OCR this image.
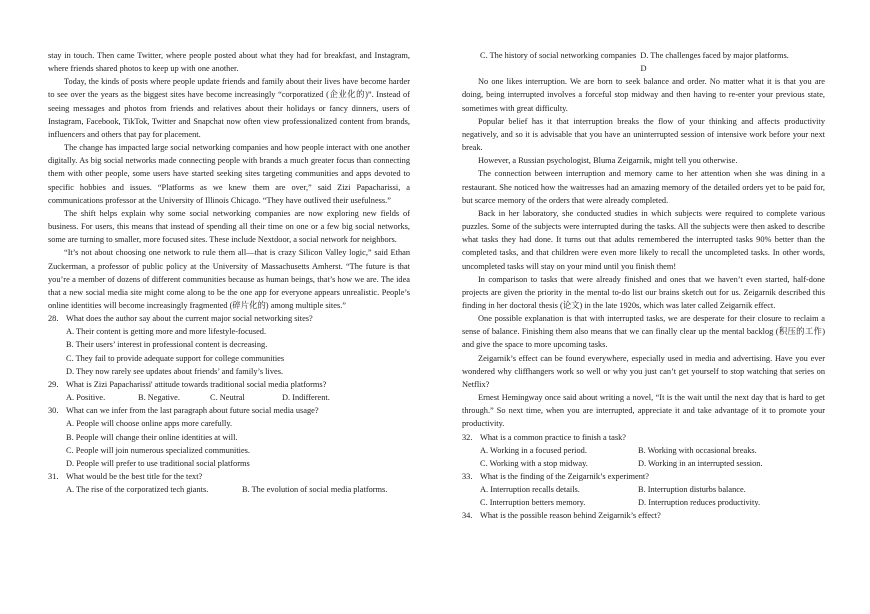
stay in touch. Then came Twitter, where people posted about what they had for breakfast, and Instagram, where friends shared photos to keep up with one another.

Today, the kinds of posts where people update friends and family about their lives have become harder to see over the years as the biggest sites have become increasingly “corporatized (企业化的)”. Instead of seeing messages and photos from friends and relatives about their holidays or fancy dinners, users of Instagram, Facebook, TikTok, Twitter and Snapchat now often view professionalized content from brands, influencers and others that pay for placement.

The change has impacted large social networking companies and how people interact with one another digitally. As big social networks made connecting people with brands a much greater focus than connecting them with other people, some users have started seeking sites targeting communities and apps devoted to specific hobbies and issues. “Platforms as we knew them are over,” said Zizi Papacharissi, a communications professor at the University of Illinois Chicago. “They have outlived their usefulness.”

The shift helps explain why some social networking companies are now exploring new fields of business. For users, this means that instead of spending all their time on one or a few big social networks, some are turning to smaller, more focused sites. These include Nextdoor, a social network for neighbors.

“It’s not about choosing one network to rule them all—that is crazy Silicon Valley logic,” said Ethan Zuckerman, a professor of public policy at the University of Massachusetts Amherst. “The future is that you’re a member of dozens of different communities because as human beings, that’s how we are. The idea that a new social media site might come along to be the one app for everyone appears unrealistic. People’s online identities will become increasingly fragmented (碎片化的) among multiple sites.”

28. What does the author say about the current major social networking sites?
A. Their content is getting more and more lifestyle-focused.
B. Their users’ interest in professional content is decreasing.
C. They fail to provide adequate support for college communities
D. They now rarely see updates about friends’ and family’s lives.
29. What is Zizi Papacharissi' attitude towards traditional social media platforms?
A. Positive.	B. Negative.	C. Neutral	D. Indifferent.
30. What can we infer from the last paragraph about future social media usage?
A. People will choose online apps more carefully.
B. People will change their online identities at will.
C. People will join numerous specialized communities.
D. People will prefer to use traditional social platforms
31. What would be the best title for the text?
A. The rise of the corporatized tech giants.	B. The evolution of social media platforms.
C. The history of social networking companies D. The challenges faced by major platforms.
D

No one likes interruption. We are born to seek balance and order. No matter what it is that you are doing, being interrupted involves a forceful stop midway and then having to re-enter your previous state, sometimes with great difficulty.

Popular belief has it that interruption breaks the flow of your thinking and affects productivity negatively, and so it is advisable that you have an uninterrupted session of intensive work before your next break.

However, a Russian psychologist, Bluma Zeigarnik, might tell you otherwise.

The connection between interruption and memory came to her attention when she was dining in a restaurant. She noticed how the waitresses had an amazing memory of the detailed orders yet to be paid for, but scarce memory of the orders that were already completed.

Back in her laboratory, she conducted studies in which subjects were required to complete various puzzles. Some of the subjects were interrupted during the tasks. All the subjects were then asked to describe what tasks they had done. It turns out that adults remembered the interrupted tasks 90% better than the completed tasks, and that children were even more likely to recall the uncompleted tasks. In other words, uncompleted tasks will stay on your mind until you finish them!

In comparison to tasks that were already finished and ones that we haven’t even started, half-done projects are given the priority in the mental to-do list our brains sketch out for us. Zeigarnik described this finding in her doctoral thesis (论文) in the late 1920s, which was later called Zeigarnik effect.

One possible explanation is that with interrupted tasks, we are desperate for their closure to reclaim a sense of balance. Finishing them also means that we can finally clear up the mental backlog (积压的工作) and give the space to more upcoming tasks.

Zeigarnik’s effect can be found everywhere, especially used in media and advertising. Have you ever wondered why cliffhangers work so well or why you just can’t get yourself to stop watching that series on Netflix?

Ernest Hemingway once said about writing a novel, “It is the wait until the next day that is hard to get through.” So next time, when you are interrupted, appreciate it and take advantage of it to promote your productivity.

32. What is a common practice to finish a task?
A. Working in a focused period.	B. Working with occasional breaks.
C. Working with a stop midway.	D. Working in an interrupted session.
33. What is the finding of the Zeigarnik’s experiment?
A. Interruption recalls details.	B. Interruption disturbs balance.
C. Interruption betters memory.	D. Interruption reduces productivity.
34. What is the possible reason behind Zeigarnik’s effect?
